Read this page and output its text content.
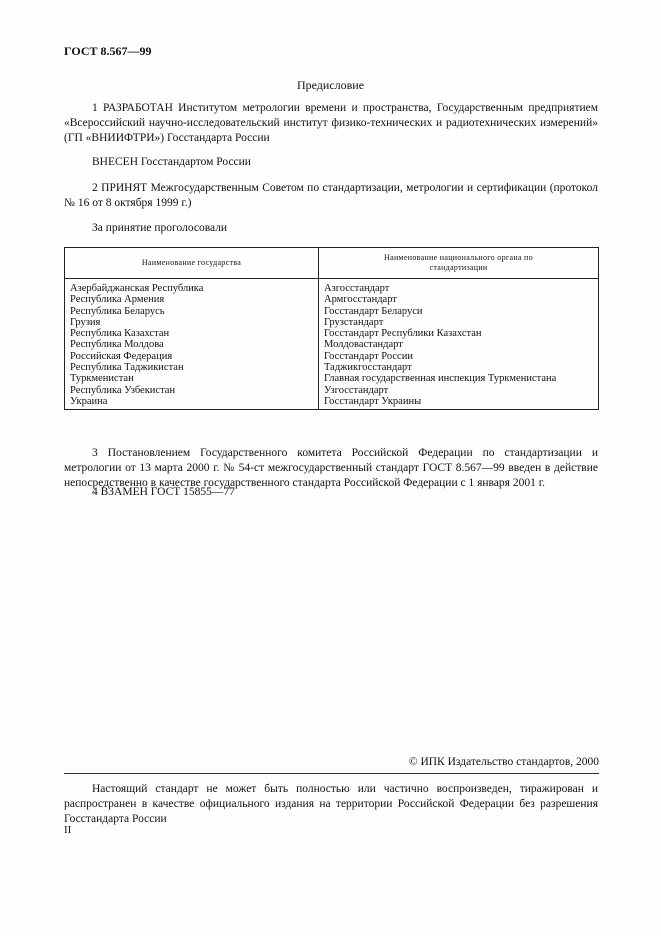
ГОСТ 8.567—99
Предисловие
1 РАЗРАБОТАН Институтом метрологии времени и пространства, Государственным предприятием «Всероссийский научно-исследовательский институт физико-технических и радиотехнических измерений» (ГП «ВНИИФТРИ») Госстандарта России
ВНЕСЕН Госстандартом России
2 ПРИНЯТ Межгосударственным Советом по стандартизации, метрологии и сертификации (протокол № 16 от 8 октября 1999 г.)
За принятие проголосовали
Наименование государства	Наименование национального органа по стандартизации

Азербайджанская Республика	Азгосстандарт
Республика Армения	Армгосстандарт
Республика Беларусь	Госстандарт Беларуси
Грузия	Грузстандарт
Республика Казахстан	Госстандарт Республики Казахстан
Республика Молдова	Молдовастандарт
Российская Федерация	Госстандарт России
Республика Таджикистан	Таджикгосстандарт
Туркменистан	Главная государственная инспекция Туркменистана
Республика Узбекистан	Узгосстандарт
Украина	Госстандарт Украины
3 Постановлением Государственного комитета Российской Федерации по стандартизации и метрологии от 13 марта 2000 г. № 54-ст межгосударственный стандарт ГОСТ 8.567—99 введен в действие непосредственно в качестве государственного стандарта Российской Федерации с 1 января 2001 г.
4 ВЗАМЕН ГОСТ 15855—77
© ИПК Издательство стандартов, 2000
Настоящий стандарт не может быть полностью или частично воспроизведен, тиражирован и распространен в качестве официального издания на территории Российской Федерации без разрешения Госстандарта России
II
